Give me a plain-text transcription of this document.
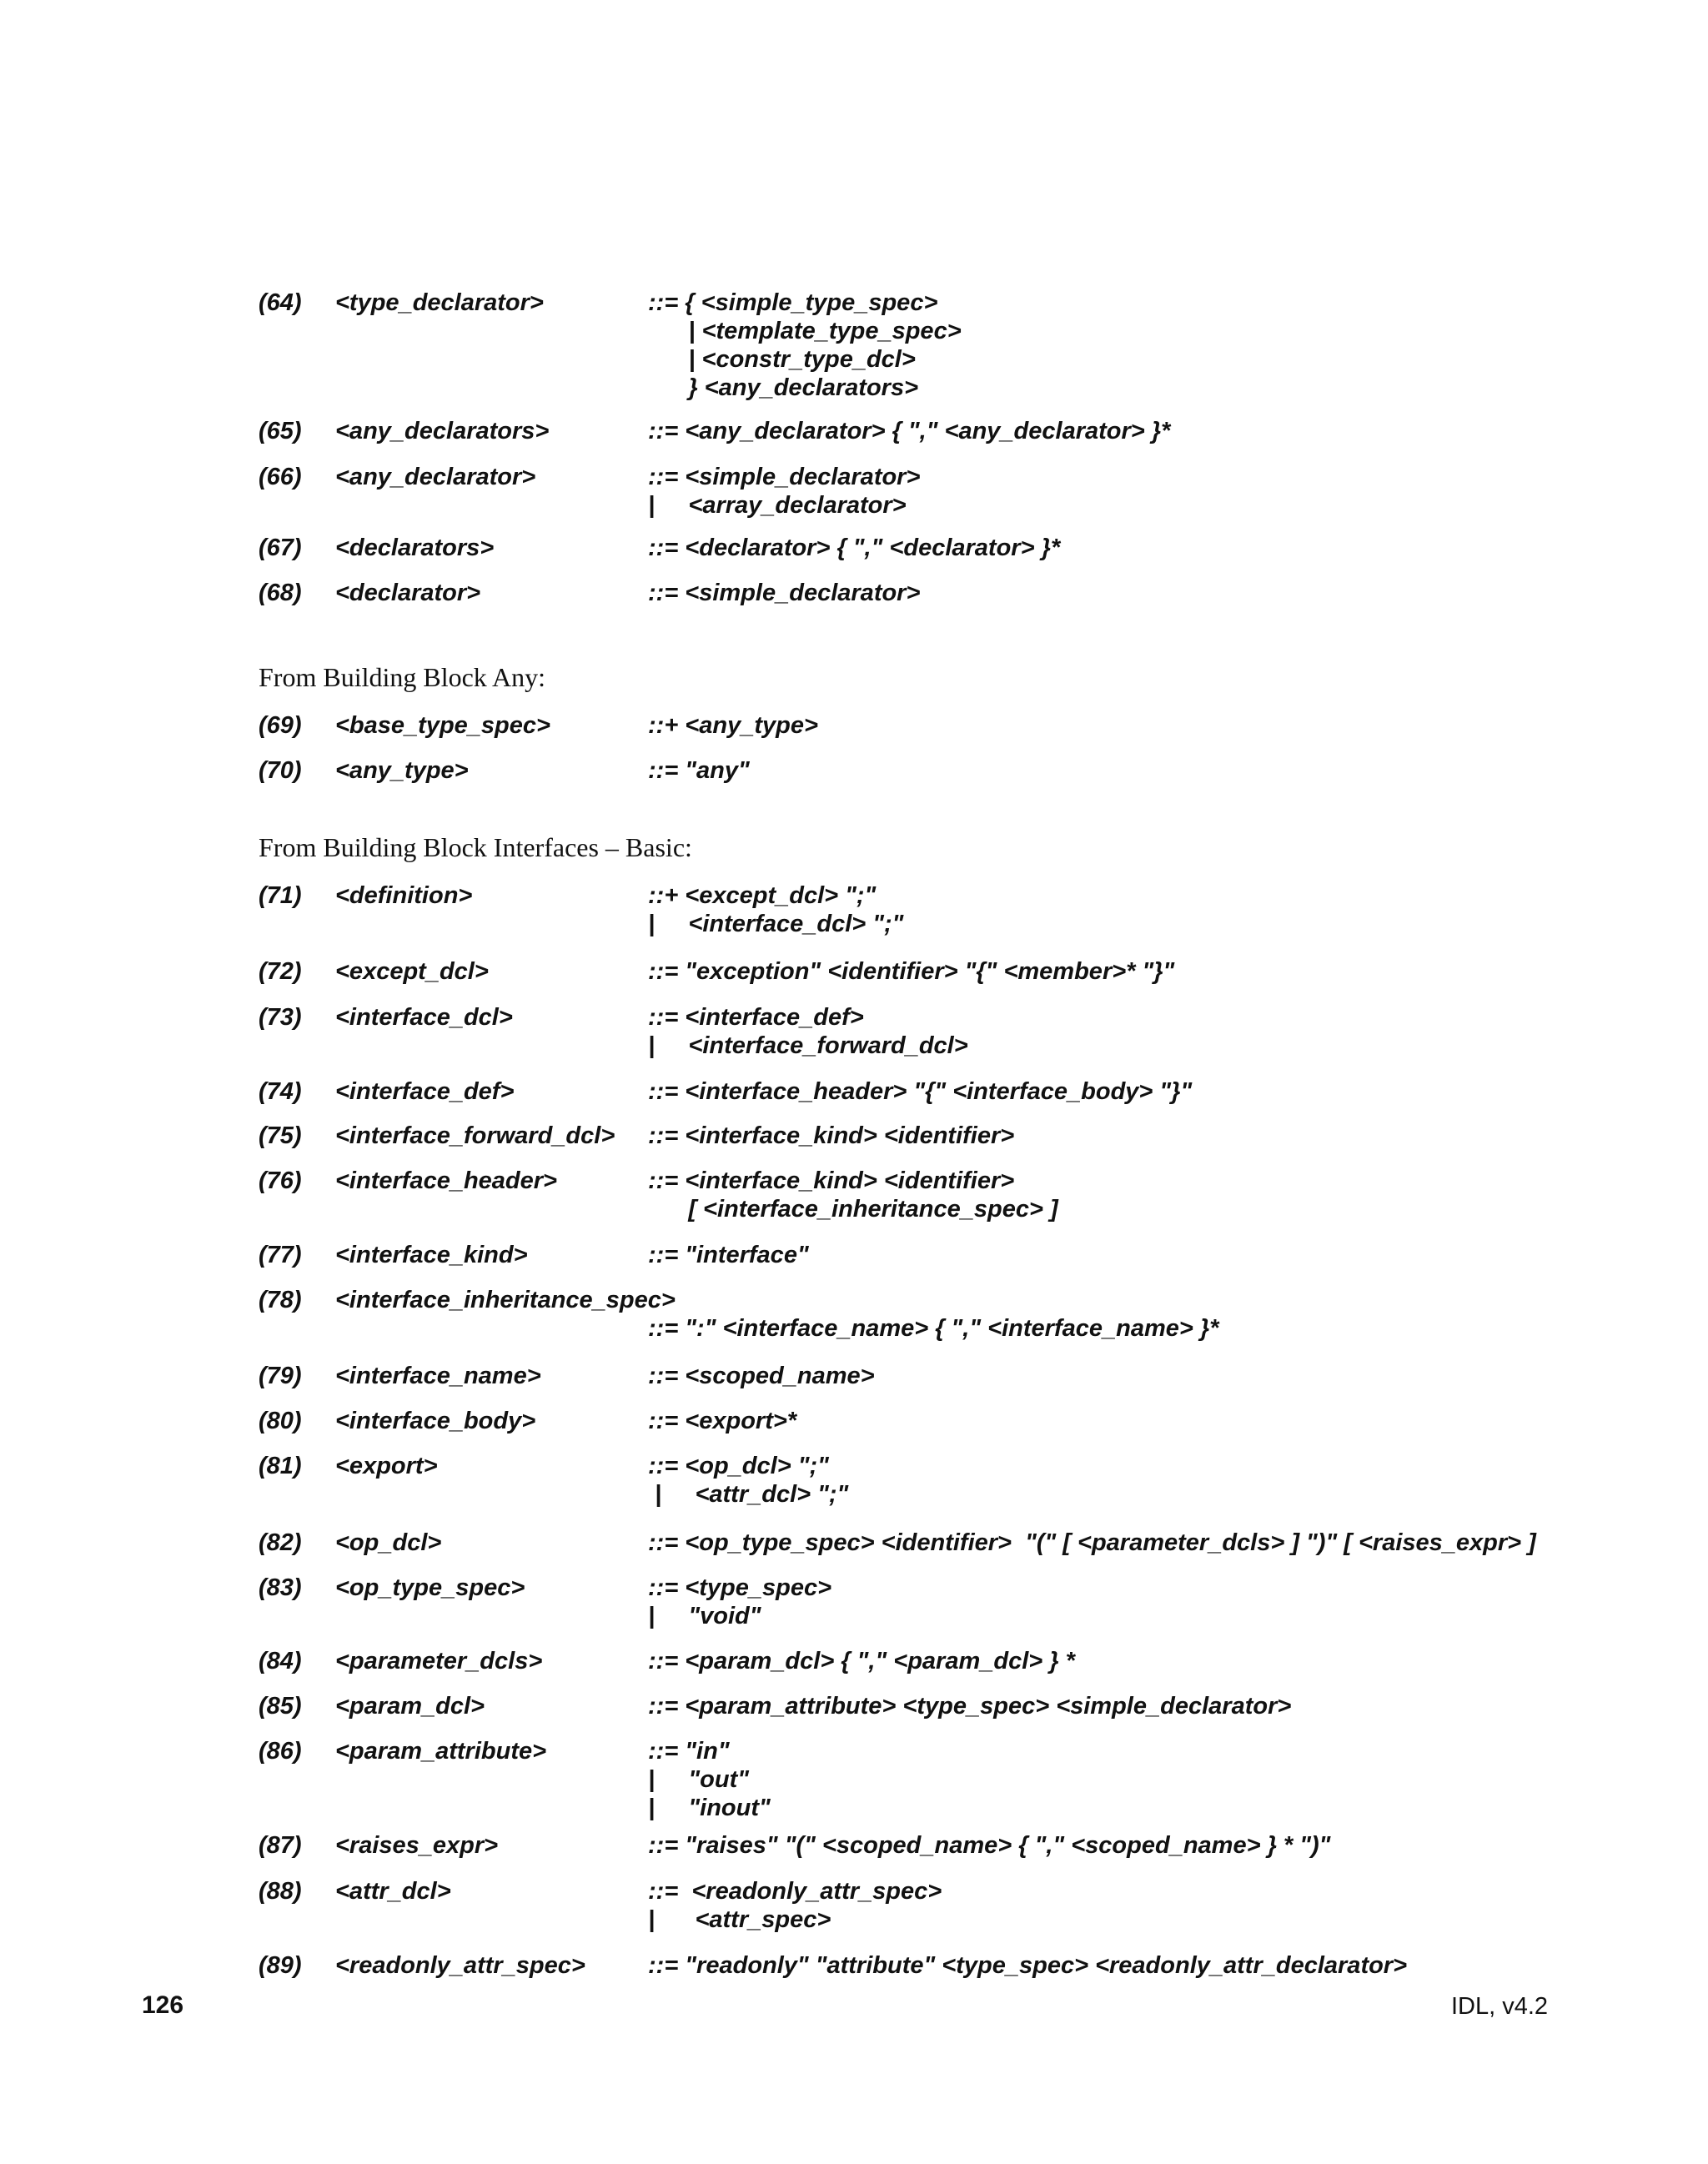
(64) <type_declarator>	::= { <simple_type_spec>
| <template_type_spec>
| <constr_type_dcl>
} <any_declarators>
(65) <any_declarators>	::= <any_declarator> { "," <any_declarator> }*
(66) <any_declarator>	::= <simple_declarator>
|     <array_declarator>
(67) <declarators>	::= <declarator> { "," <declarator> }*
(68) <declarator>	::= <simple_declarator>
(69) <base_type_spec>	::+ <any_type>
(70) <any_type>	::= "any"
(71) <definition>	::+ <except_dcl> ";"
|     <interface_dcl> ";"
(72) <except_dcl>	::= "exception" <identifier> "{" <member>* "}"
(73) <interface_dcl>	::= <interface_def>
|     <interface_forward_dcl>
(74) <interface_def>	::= <interface_header> "{" <interface_body> "}"
(75) <interface_forward_dcl> ::= <interface_kind> <identifier>
(76) <interface_header>	::= <interface_kind> <identifier>
[ <interface_inheritance_spec> ]
(77) <interface_kind>	::= "interface"
(78) <interface_inheritance_spec>
::= ":" <interface_name> { "," <interface_name> }*
(79) <interface_name>	::= <scoped_name>
(80) <interface_body>	::= <export>*
(81) <export>	::= <op_dcl> ";"
|     <attr_dcl> ";"
(82) <op_dcl>	::= <op_type_spec> <identifier>  "(" [ <parameter_dcls> ] ")" [ <raises_expr> ]
(83) <op_type_spec>	::= <type_spec>
|     "void"
(84) <parameter_dcls>	::= <param_dcl> { "," <param_dcl> } *
(85) <param_dcl>	::= <param_attribute> <type_spec> <simple_declarator>
(86) <param_attribute>	::= "in"
|     "out"
|     "inout"
(87) <raises_expr>	::= "raises" "(" <scoped_name> { "," <scoped_name> } * ")"
(88) <attr_dcl>	::=  <readonly_attr_spec>
|      <attr_spec>
(89) <readonly_attr_spec>	::= "readonly" "attribute" <type_spec> <readonly_attr_declarator>
From Building Block Any:
From Building Block Interfaces – Basic:
126	IDL, v4.2
